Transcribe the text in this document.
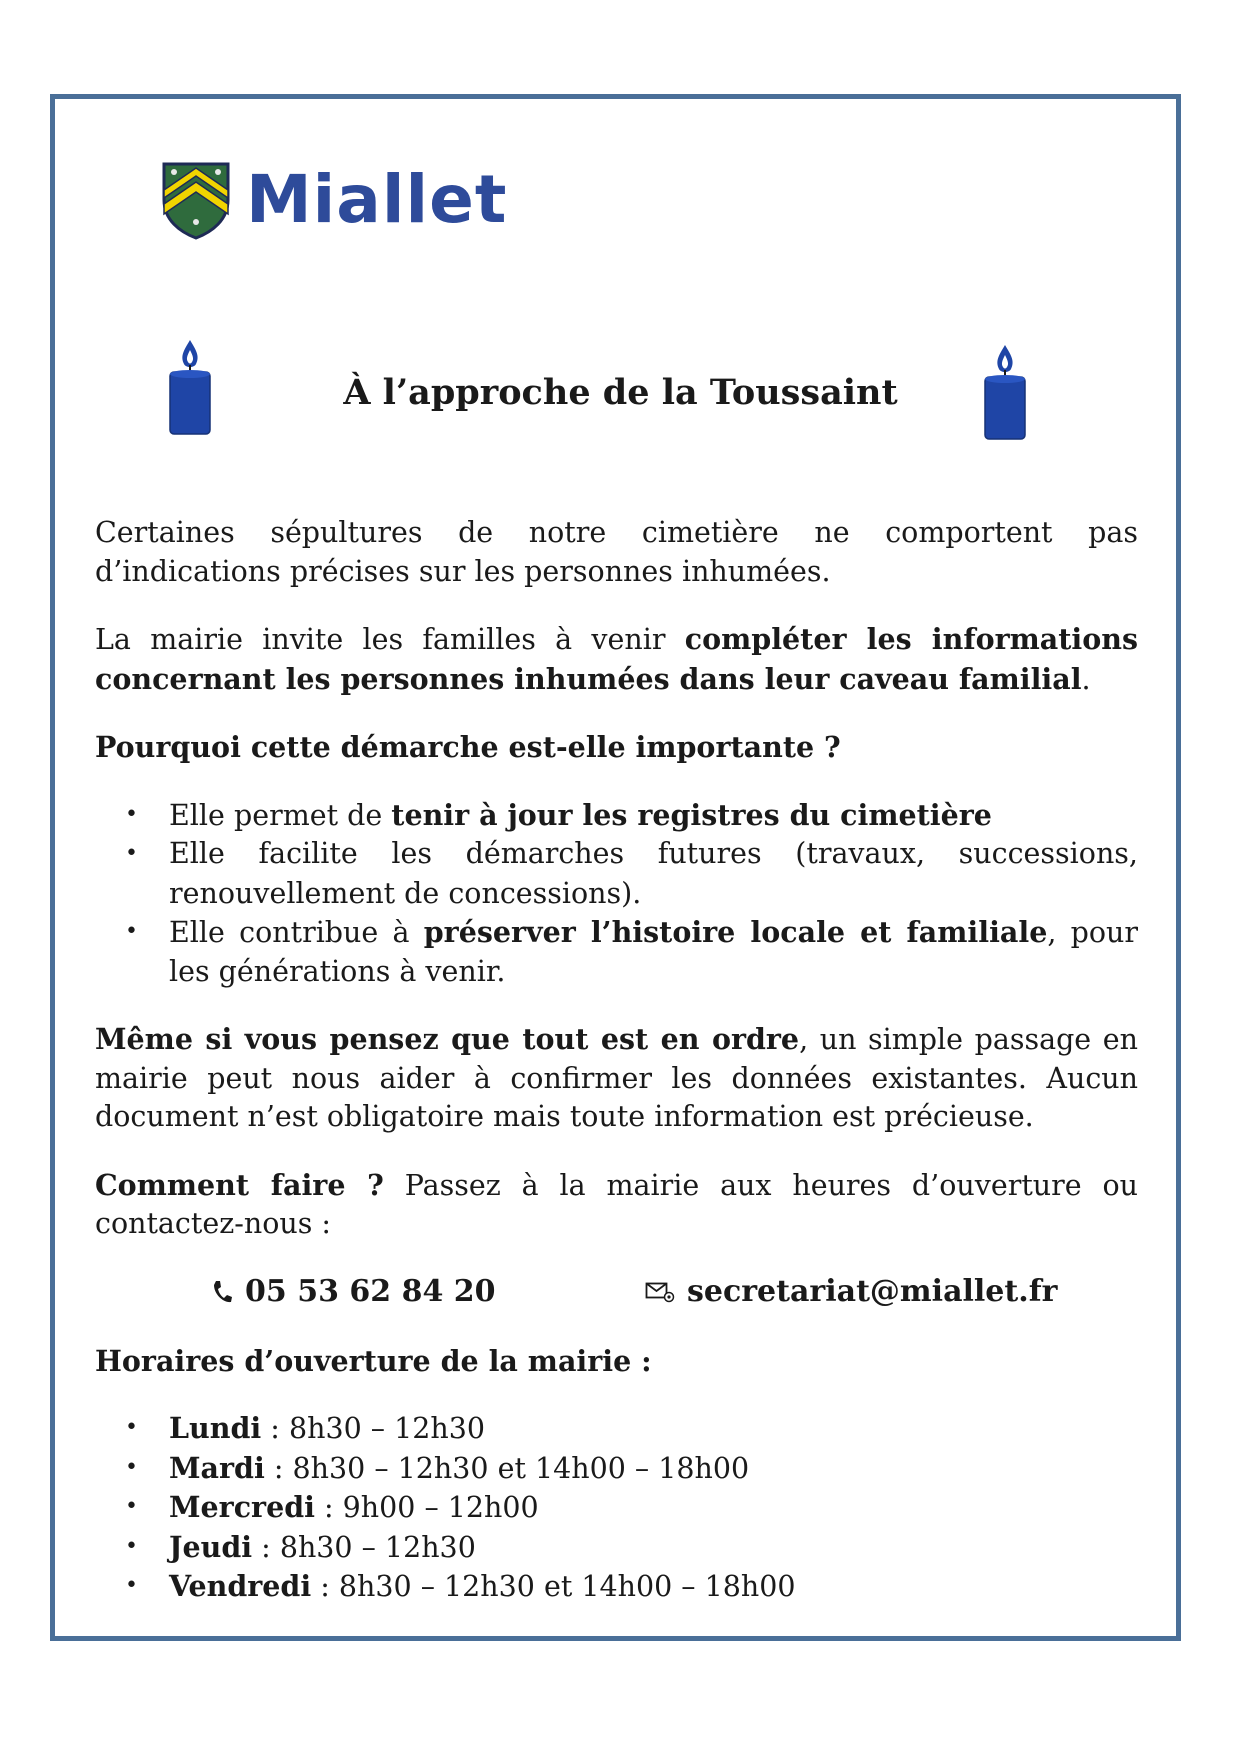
Miallet
À l’approche de la Toussaint

Certaines sépultures de notre cimetière ne comportent pas d’indications précises sur les personnes inhumées.

La mairie invite les familles à venir compléter les informations concernant les personnes inhumées dans leur caveau familial.

Pourquoi cette démarche est-elle importante ?

• Elle permet de tenir à jour les registres du cimetière
• Elle facilite les démarches futures (travaux, successions, renouvellement de concessions).
• Elle contribue à préserver l’histoire locale et familiale, pour les générations à venir.

Même si vous pensez que tout est en ordre, un simple passage en mairie peut nous aider à confirmer les données existantes. Aucun document n’est obligatoire mais toute information est précieuse.

Comment faire ? Passez à la mairie aux heures d’ouverture ou contactez-nous :

05 53 62 84 20	secretariat@miallet.fr

Horaires d’ouverture de la mairie :

• Lundi : 8h30 – 12h30
• Mardi : 8h30 – 12h30 et 14h00 – 18h00
• Mercredi : 9h00 – 12h00
• Jeudi : 8h30 – 12h30
• Vendredi : 8h30 – 12h30 et 14h00 – 18h00
